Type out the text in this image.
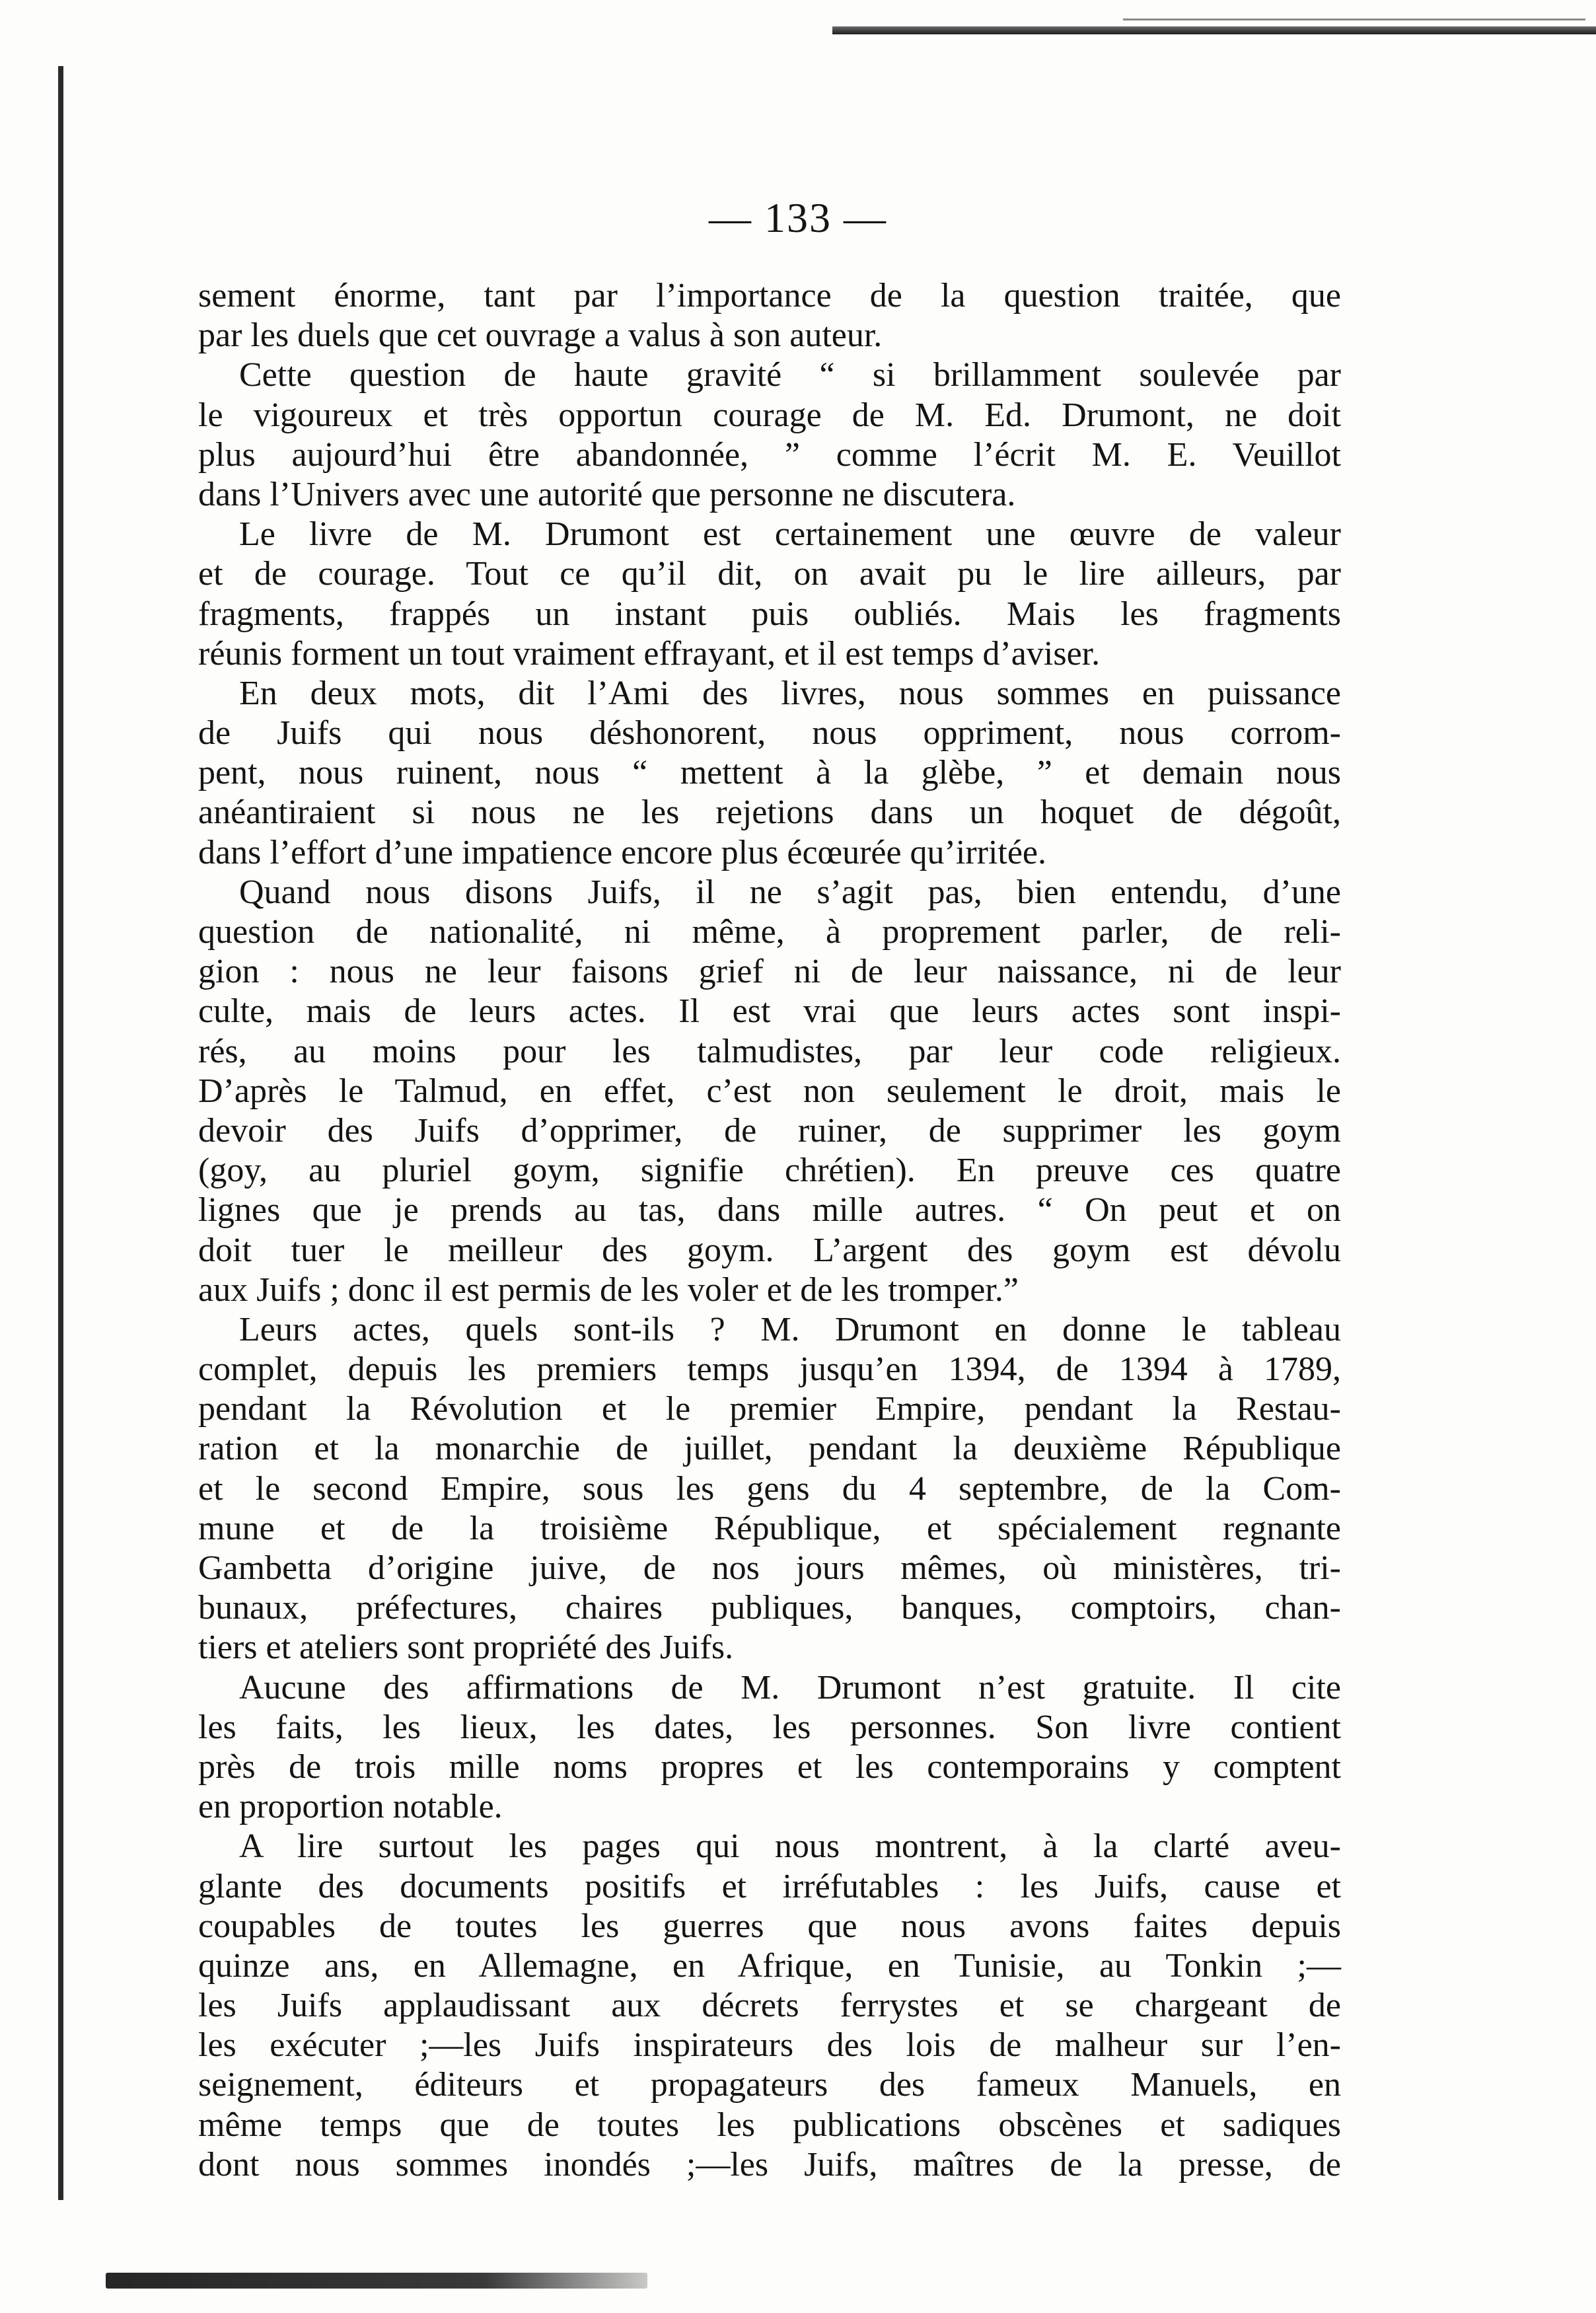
— 133 —
sement énorme, tant par l’importance de la question traitée, que
par les duels que cet ouvrage a valus à son auteur.
Cette question de haute gravité “ si brillamment soulevée par
le vigoureux et très opportun courage de M. Ed. Drumont, ne doit
plus aujourd’hui être abandonnée, ” comme l’écrit M. E. Veuillot
dans l’Univers avec une autorité que personne ne discutera.
Le livre de M. Drumont est certainement une œuvre de valeur
et de courage. Tout ce qu’il dit, on avait pu le lire ailleurs, par
fragments, frappés un instant puis oubliés. Mais les fragments
réunis forment un tout vraiment effrayant, et il est temps d’aviser.
En deux mots, dit l’Ami des livres, nous sommes en puissance
de Juifs qui nous déshonorent, nous oppriment, nous corrom-
pent, nous ruinent, nous “ mettent à la glèbe, ” et demain nous
anéantiraient si nous ne les rejetions dans un hoquet de dégoût,
dans l’effort d’une impatience encore plus écœurée qu’irritée.
Quand nous disons Juifs, il ne s’agit pas, bien entendu, d’une
question de nationalité, ni même, à proprement parler, de reli-
gion : nous ne leur faisons grief ni de leur naissance, ni de leur
culte, mais de leurs actes. Il est vrai que leurs actes sont inspi-
rés, au moins pour les talmudistes, par leur code religieux.
D’après le Talmud, en effet, c’est non seulement le droit, mais le
devoir des Juifs d’opprimer, de ruiner, de supprimer les goym
(goy, au pluriel goym, signifie chrétien). En preuve ces quatre
lignes que je prends au tas, dans mille autres. “ On peut et on
doit tuer le meilleur des goym. L’argent des goym est dévolu
aux Juifs ; donc il est permis de les voler et de les tromper.”
Leurs actes, quels sont-ils ? M. Drumont en donne le tableau
complet, depuis les premiers temps jusqu’en 1394, de 1394 à 1789,
pendant la Révolution et le premier Empire, pendant la Restau-
ration et la monarchie de juillet, pendant la deuxième République
et le second Empire, sous les gens du 4 septembre, de la Com-
mune et de la troisième République, et spécialement regnante
Gambetta d’origine juive, de nos jours mêmes, où ministères, tri-
bunaux, préfectures, chaires publiques, banques, comptoirs, chan-
tiers et ateliers sont propriété des Juifs.
Aucune des affirmations de M. Drumont n’est gratuite. Il cite
les faits, les lieux, les dates, les personnes. Son livre contient
près de trois mille noms propres et les contemporains y comptent
en proportion notable.
A lire surtout les pages qui nous montrent, à la clarté aveu-
glante des documents positifs et irréfutables : les Juifs, cause et
coupables de toutes les guerres que nous avons faites depuis
quinze ans, en Allemagne, en Afrique, en Tunisie, au Tonkin ;—
les Juifs applaudissant aux décrets ferrystes et se chargeant de
les exécuter ;—les Juifs inspirateurs des lois de malheur sur l’en-
seignement, éditeurs et propagateurs des fameux Manuels, en
même temps que de toutes les publications obscènes et sadiques
dont nous sommes inondés ;—les Juifs, maîtres de la presse, de
